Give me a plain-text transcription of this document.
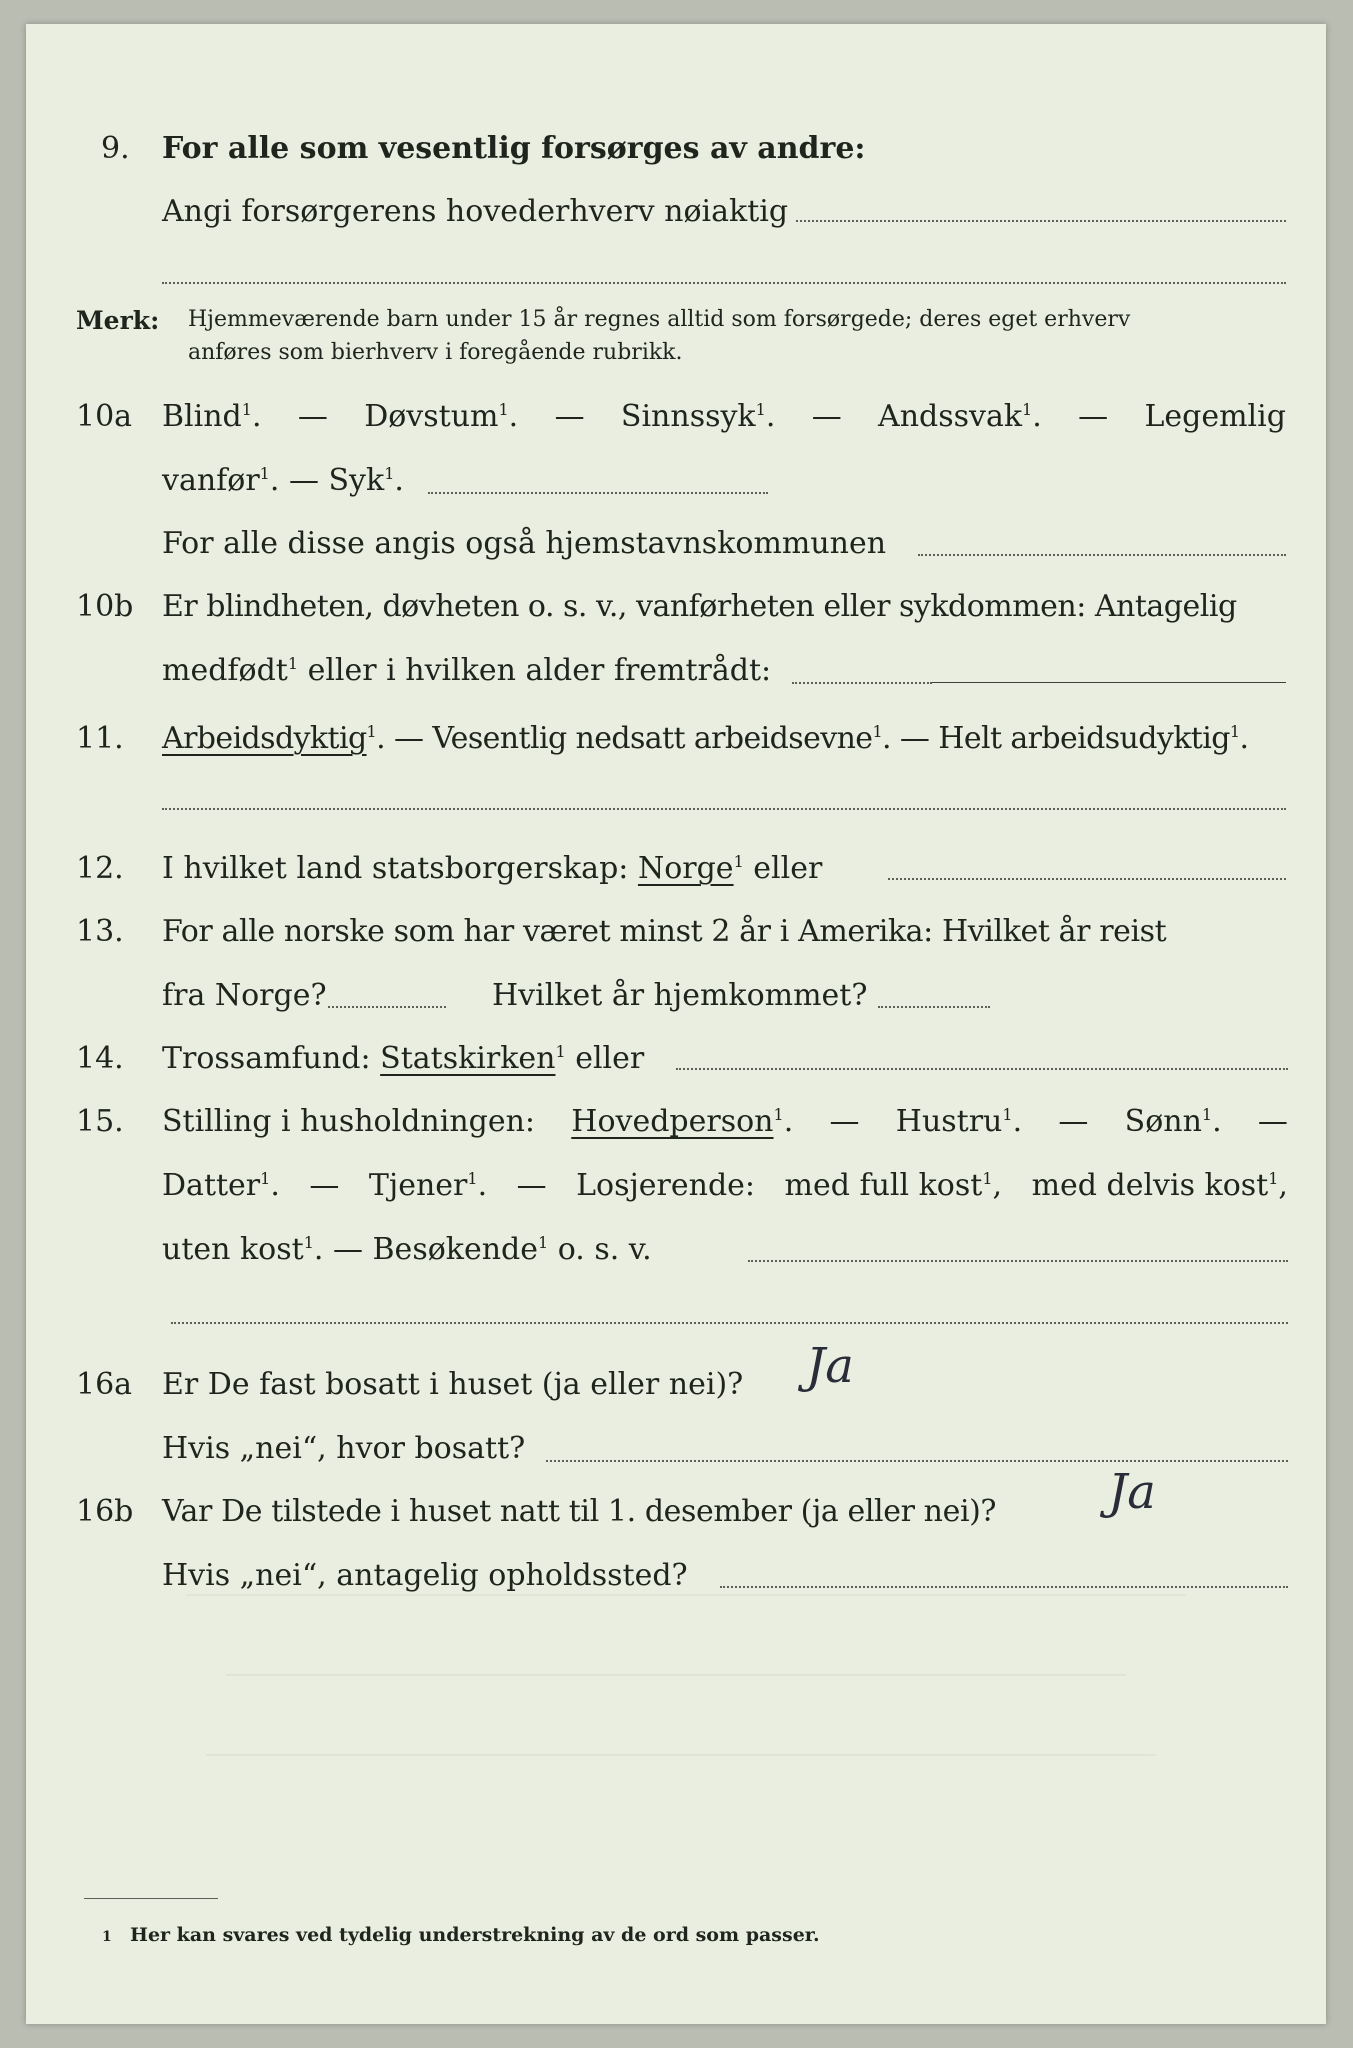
9. For alle som vesentlig forsørges av andre:
Angi forsørgerens hovederhverv nøiaktig
Merk: Hjemmeværende barn under 15 år regnes alltid som forsørgede; deres eget erhverv
anføres som bierhverv i foregående rubrikk.
10a Blind$^1$. — Døvstum$^1$. — Sinnssyk$^1$. — Andssvak$^1$. — Legemlig
vanfør$^1$. — Syk$^1$.
For alle disse angis også hjemstavnskommunen
10b Er blindheten, døvheten o. s. v., vanførheten eller sykdommen: Antagelig
medfødt$^1$ eller i hvilken alder fremtrådt:
11. Arbeidsdyktig$^1$. — Vesentlig nedsatt arbeidsevne$^1$. — Helt arbeidsudyktig$^1$.
12. I hvilket land statsborgerskap: Norge$^1$ eller
13. For alle norske som har været minst 2 år i Amerika: Hvilket år reist
fra Norge?	Hvilket år hjemkommet?
14. Trossamfund: Statskirken$^1$ eller
15. Stilling i husholdningen: Hovedperson$^1$. — Hustru$^1$. — Sønn$^1$. —
Datter$^1$. — Tjener$^1$. — Losjerende: med full kost$^1$, med delvis kost$^1$,
uten kost$^1$. — Besøkende$^1$ o. s. v.
16a Er De fast bosatt i huset (ja eller nei)? Ja
Hvis „nei“, hvor bosatt?
16b Var De tilstede i huset natt til 1. desember (ja eller nei)? Ja
Hvis „nei“, antagelig opholdssted?
1 Her kan svares ved tydelig understrekning av de ord som passer.
